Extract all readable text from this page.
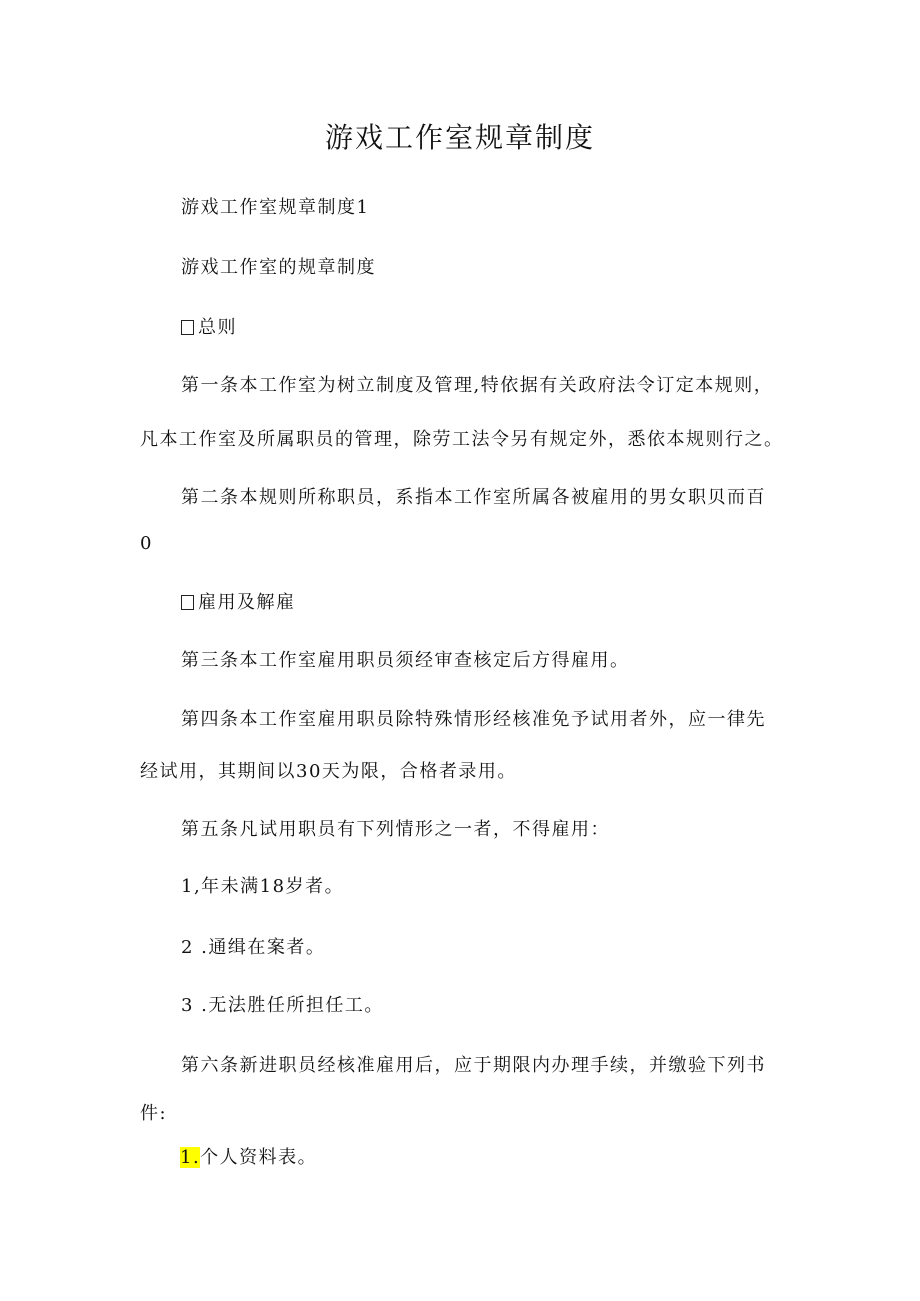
游戏工作室规章制度

游戏工作室规章制度1

游戏工作室的规章制度

总则

第一条本工作室为树立制度及管理,特依据有关政府法令订定本规则，

凡本工作室及所属职员的管理，除劳工法令另有规定外，悉依本规则行之。

第二条本规则所称职员，系指本工作室所属各被雇用的男女职贝而百

0

雇用及解雇

第三条本工作室雇用职员须经审查核定后方得雇用。

第四条本工作室雇用职员除特殊情形经核准免予试用者外，应一律先

经试用，其期间以30天为限，合格者录用。

第五条凡试用职员有下列情形之一者，不得雇用：

1,年未满18岁者。

2 .通缉在案者。

3 .无法胜任所担任工。

第六条新进职员经核准雇用后，应于期限内办理手续，并缴验下列书

件:

1.个人资料表。
